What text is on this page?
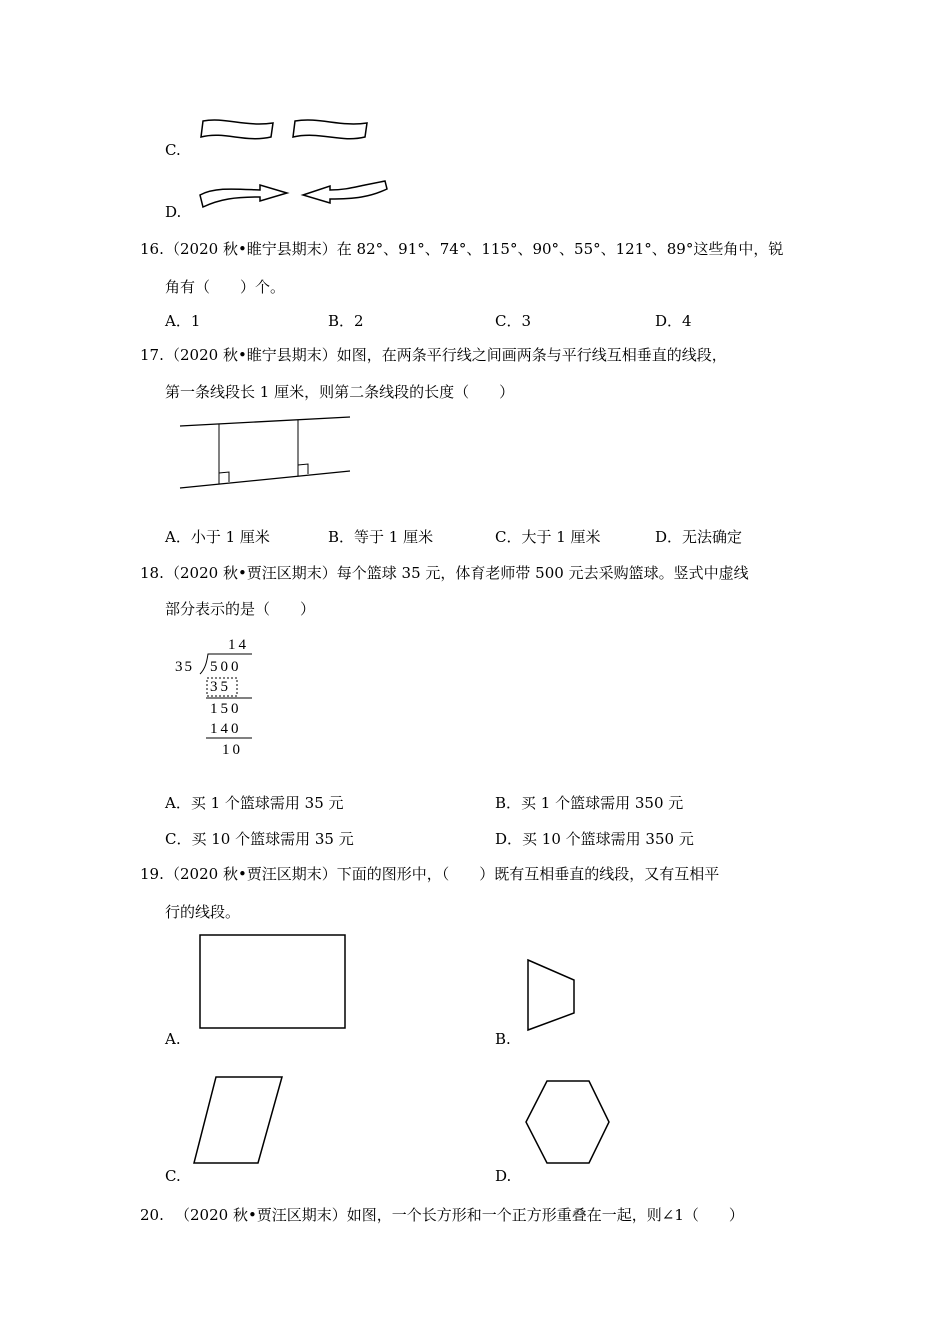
C.
D.
16. （2020 秋•睢宁县期末）在 82°、91°、74°、115°、90°、55°、121°、89°这些角中，锐
角有（　　）个。
A．1	B．2	C．3	D．4
17. （2020 秋•睢宁县期末）如图，在两条平行线之间画两条与平行线互相垂直的线段，
第一条线段长 1 厘米，则第二条线段的长度（　　）
A．小于 1 厘米	B．等于 1 厘米	C．大于 1 厘米	D．无法确定
18. （2020 秋•贾汪区期末）每个篮球 35 元，体育老师带 500 元去采购篮球。竖式中虚线
部分表示的是（　　）
14
35 500
35
150
140
10
A．买 1 个篮球需用 35 元	B．买 1 个篮球需用 350 元
C．买 10 个篮球需用 35 元	D．买 10 个篮球需用 350 元
19. （2020 秋•贾汪区期末）下面的图形中，（　　）既有互相垂直的线段，又有互相平
行的线段。
A.	B.
C.	D.
20. （2020 秋•贾汪区期末）如图，一个长方形和一个正方形重叠在一起，则∠1（　　）
